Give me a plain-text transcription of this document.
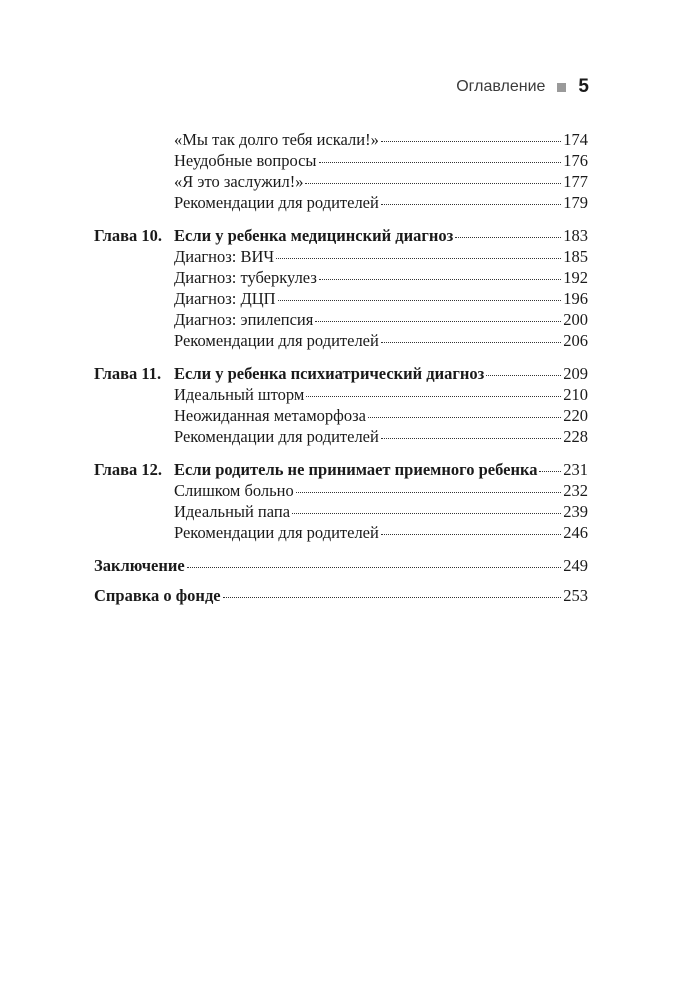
Оглавление 5
«Мы так долго тебя искали!»	174
Неудобные вопросы	176
«Я это заслужил!»	177
Рекомендации для родителей	179
Глава 10. Если у ребенка медицинский диагноз	183
Диагноз: ВИЧ	185
Диагноз: туберкулез	192
Диагноз: ДЦП	196
Диагноз: эпилепсия	200
Рекомендации для родителей	206
Глава 11. Если у ребенка психиатрический диагноз	209
Идеальный шторм	210
Неожиданная метаморфоза	220
Рекомендации для родителей	228
Глава 12. Если родитель не принимает приемного ребенка 231
Слишком больно	232
Идеальный папа	239
Рекомендации для родителей	246
Заключение	249
Справка о фонде	253
